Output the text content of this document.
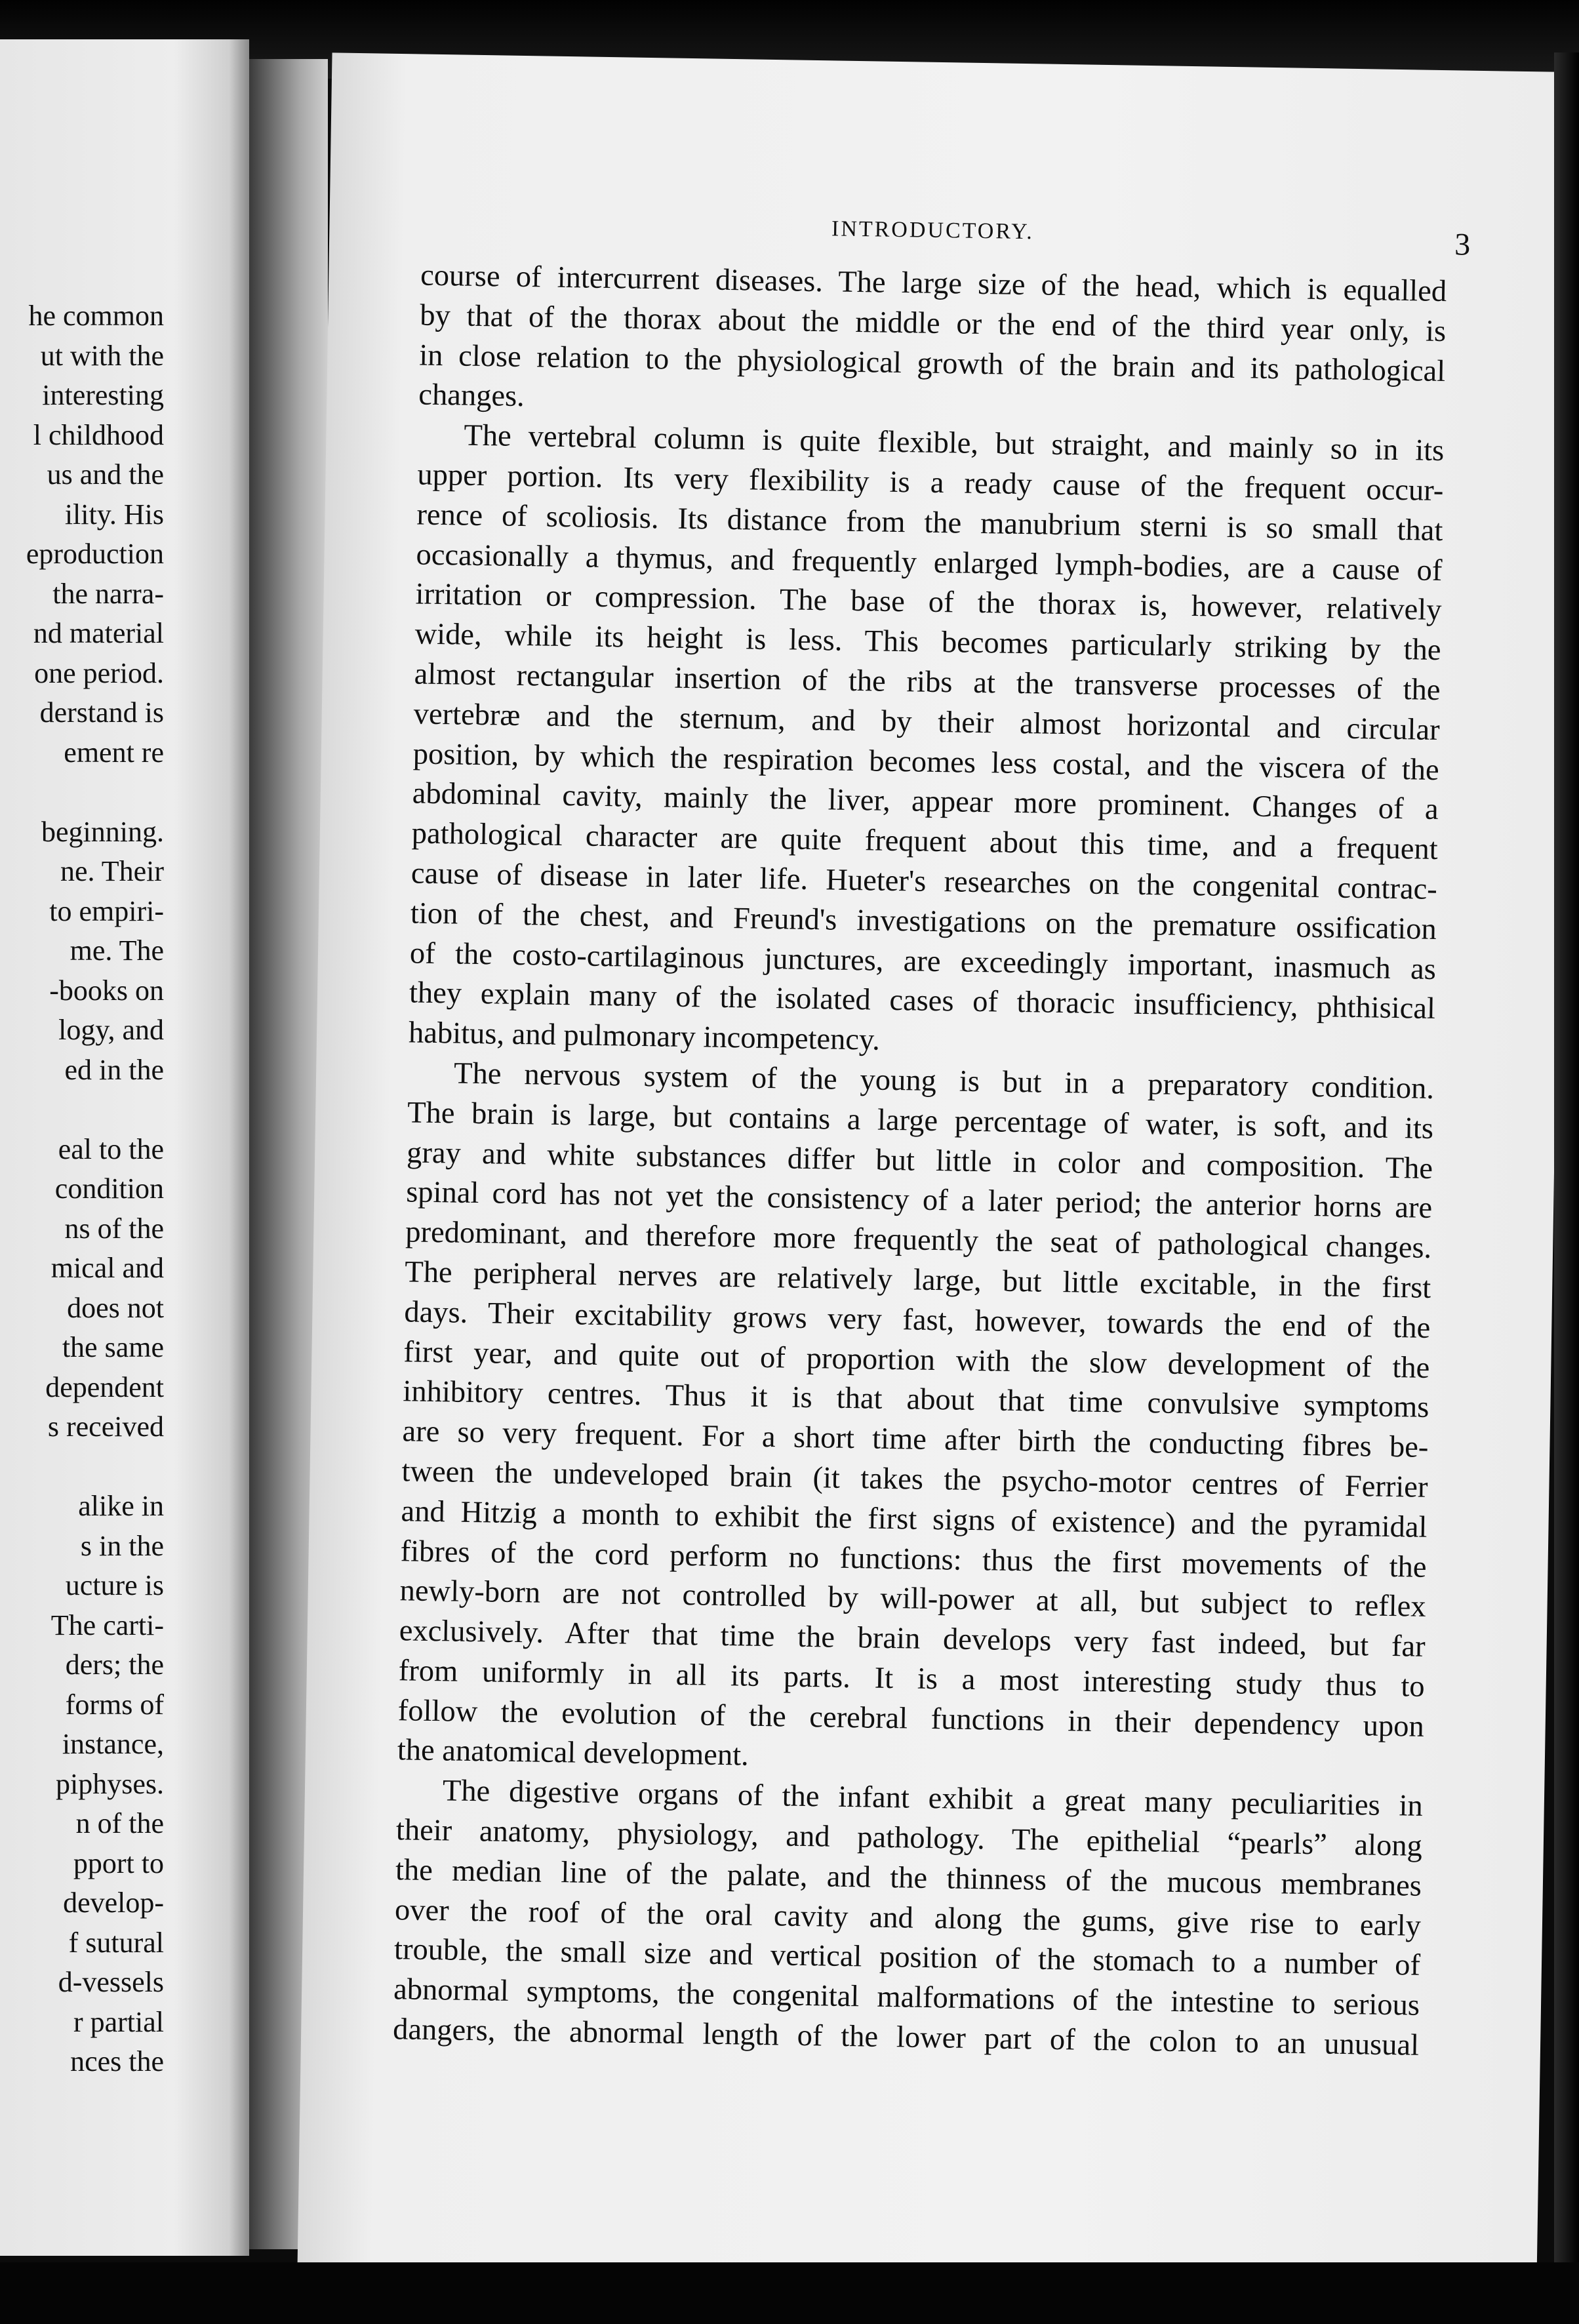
he common
ut with the
interesting
l childhood
us and the
ility. His
eproduction
the narra-
nd material
one period.
derstand is
ement re
beginning.
ne. Their
to empiri-
me. The
-books on
logy, and
ed in the
eal to the
condition
ns of the
mical and
does not
the same
dependent
s received
alike in
s in the
ucture is
The carti-
ders; the
forms of
instance,
piphyses.
n of the
pport to
develop-
f sutural
d-vessels
r partial
nces the
INTRODUCTORY.	3
course of intercurrent diseases. The large size of the head, which is equalled
by that of the thorax about the middle or the end of the third year only, is
in close relation to the physiological growth of the brain and its pathological
changes.
The vertebral column is quite flexible, but straight, and mainly so in its
upper portion. Its very flexibility is a ready cause of the frequent occur-
rence of scoliosis. Its distance from the manubrium sterni is so small that
occasionally a thymus, and frequently enlarged lymph-bodies, are a cause of
irritation or compression. The base of the thorax is, however, relatively
wide, while its height is less. This becomes particularly striking by the
almost rectangular insertion of the ribs at the transverse processes of the
vertebræ and the sternum, and by their almost horizontal and circular
position, by which the respiration becomes less costal, and the viscera of the
abdominal cavity, mainly the liver, appear more prominent. Changes of a
pathological character are quite frequent about this time, and a frequent
cause of disease in later life. Hueter's researches on the congenital contrac-
tion of the chest, and Freund's investigations on the premature ossification
of the costo-cartilaginous junctures, are exceedingly important, inasmuch as
they explain many of the isolated cases of thoracic insufficiency, phthisical
habitus, and pulmonary incompetency.
The nervous system of the young is but in a preparatory condition.
The brain is large, but contains a large percentage of water, is soft, and its
gray and white substances differ but little in color and composition. The
spinal cord has not yet the consistency of a later period; the anterior horns are
predominant, and therefore more frequently the seat of pathological changes.
The peripheral nerves are relatively large, but little excitable, in the first
days. Their excitability grows very fast, however, towards the end of the
first year, and quite out of proportion with the slow development of the
inhibitory centres. Thus it is that about that time convulsive symptoms
are so very frequent. For a short time after birth the conducting fibres be-
tween the undeveloped brain (it takes the psycho-motor centres of Ferrier
and Hitzig a month to exhibit the first signs of existence) and the pyramidal
fibres of the cord perform no functions: thus the first movements of the
newly-born are not controlled by will-power at all, but subject to reflex
exclusively. After that time the brain develops very fast indeed, but far
from uniformly in all its parts. It is a most interesting study thus to
follow the evolution of the cerebral functions in their dependency upon
the anatomical development.
The digestive organs of the infant exhibit a great many peculiarities in
their anatomy, physiology, and pathology. The epithelial “pearls” along
the median line of the palate, and the thinness of the mucous membranes
over the roof of the oral cavity and along the gums, give rise to early
trouble, the small size and vertical position of the stomach to a number of
abnormal symptoms, the congenital malformations of the intestine to serious
dangers, the abnormal length of the lower part of the colon to an unusual
